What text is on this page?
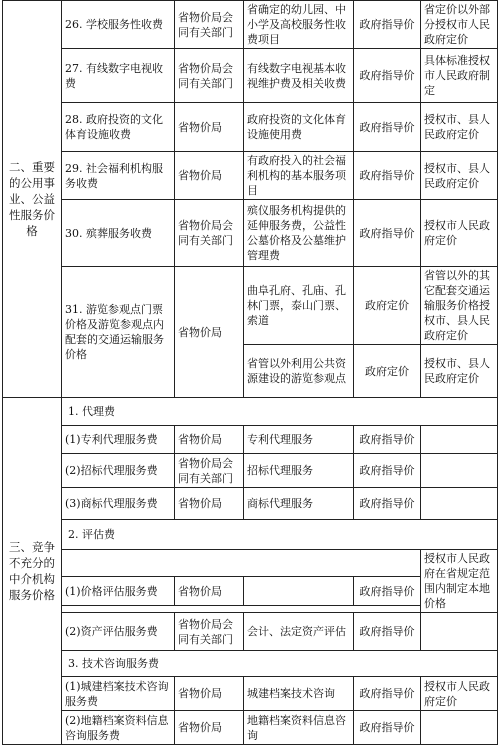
二、重要的公用事业、公益性服务价格	26. 学校服务性收费	省物价局会同有关部门	省确定的幼儿园、中小学及高校服务性收费项目	政府指导价	省定价以外部分授权市人民政府定价
	27. 有线数字电视收费	省物价局会同有关部门	有线数字电视基本收视维护费及相关收费	政府指导价	具体标准授权市人民政府制定
	28. 政府投资的文化体育设施收费	省物价局	政府投资的文化体育设施使用费	政府指导价	授权市、县人民政府定价
	29. 社会福利机构服务收费	省物价局	有政府投入的社会福利机构的基本服务项目	政府指导价	授权市、县人民政府定价
	30. 殡葬服务收费	省物价局会同有关部门	殡仪服务机构提供的延伸服务费，公益性公墓价格及公墓维护管理费	政府指导价	授权市人民政府定价
	31. 游览参观点门票价格及游览参观点内配套的交通运输服务价格	省物价局	曲阜孔府、孔庙、孔林门票，泰山门票、索道	政府定价	省管以外的其它配套交通运输服务价格授权市、县人民政府定价
			省管以外利用公共资源建设的游览参观点	政府定价	授权市、县人民政府定价
三、竞争不充分的中介机构服务价格	1. 代理费				
	(1)专利代理服务费	省物价局	专利代理服务	政府指导价	
	(2)招标代理服务费	省物价局会同有关部门	招标代理服务	政府指导价	
	(3)商标代理服务费	省物价局	商标代理服务	政府指导价	
	2. 评估费				
					授权市人民政府在省规定范围内制定本地价格
	(1)价格评估服务费	省物价局		政府指导价	

	(2)资产评估服务费	省物价局会同有关部门	会计、法定资产评估	政府指导价	
	3. 技术咨询服务费				
	(1)城建档案技术咨询服务费	省物价局	城建档案技术咨询	政府指导价	授权市人民政府定价
	(2)地籍档案资料信息咨询服务费	省物价局	地籍档案资料信息咨询	政府指导价	
